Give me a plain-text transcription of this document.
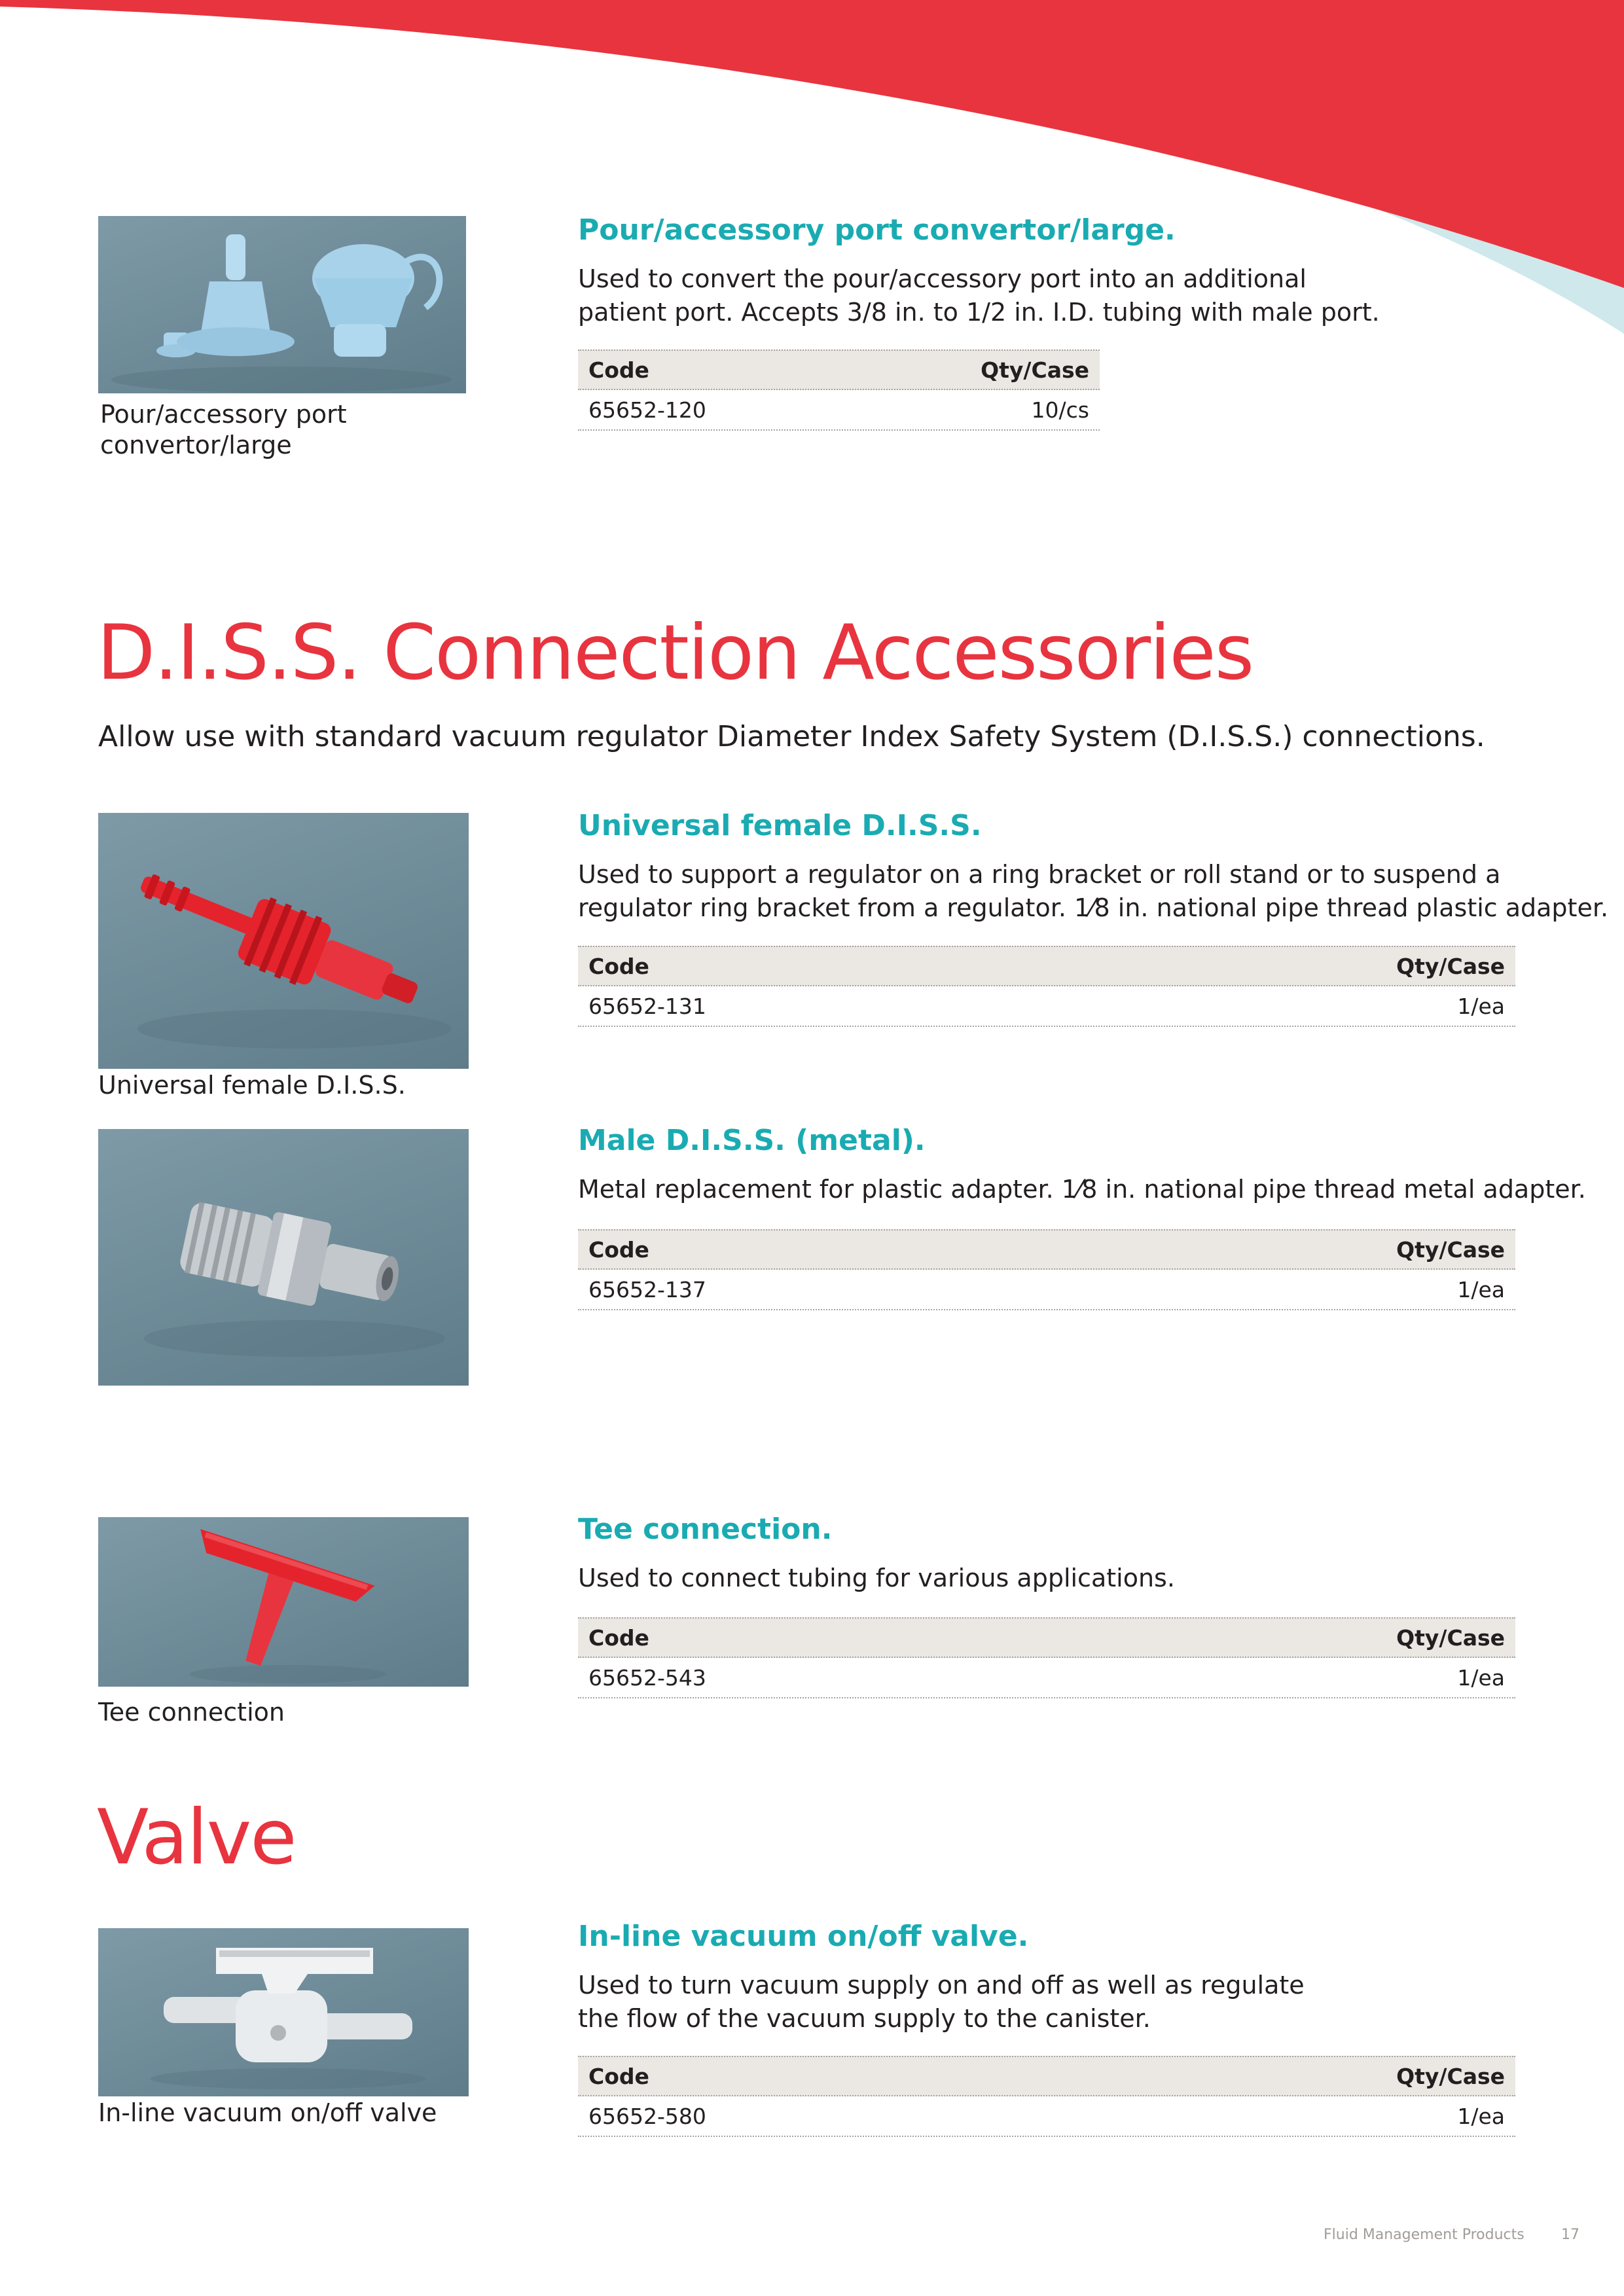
Pour/accessory port
convertor/large
Pour/accessory port convertor/large.
Used to convert the pour/accessory port into an additional
patient port. Accepts 3/8 in. to 1/2 in. I.D. tubing with male port.
Code	Qty/Case
65652-120	10/cs
D.I.S.S. Connection Accessories
Allow use with standard vacuum regulator Diameter Index Safety System (D.I.S.S.) connections.
Universal female D.I.S.S.
Universal female D.I.S.S.
Used to support a regulator on a ring bracket or roll stand or to suspend a
regulator ring bracket from a regulator. 1⁄8 in. national pipe thread plastic adapter.
Code	Qty/Case
65652-131	1/ea
Male D.I.S.S. (metal).
Metal replacement for plastic adapter. 1⁄8 in. national pipe thread metal adapter.
Code	Qty/Case
65652-137	1/ea
Tee connection
Tee connection.
Used to connect tubing for various applications.
Code	Qty/Case
65652-543	1/ea
Valve
In-line vacuum on/off valve
In-line vacuum on/off valve.
Used to turn vacuum supply on and off as well as regulate
the flow of the vacuum supply to the canister.
Code	Qty/Case
65652-580	1/ea
Fluid Management Products	17
